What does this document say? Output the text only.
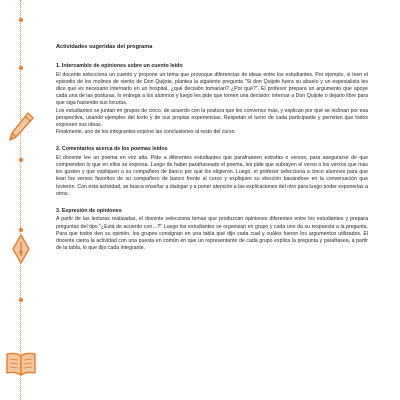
Actividades sugeridas del programa
1. Intercambio de opiniones sobre un cuento leído

El docente selecciona un cuento y propone un tema que provoque diferencias de ideas entre los estudiantes. Por ejemplo, si leen el episodio de los molinos de viento de Don Quijote, plantea la siguiente pregunta "Si don Quijote fuera su abuelo y un especialista les dice que es necesario internarlo en un hospital, ¿qué decisión tomarían? ¿Por qué?". El profesor prepara un argumento que apoye cada una de las posturas, lo entrega a los alumnos y luego les pide que tomen una decisión: internar a Don Quijote o dejarlo libre para que siga haciendo sus locuras.

Los estudiantes se juntan en grupos de cinco, de acuerdo con la postura que les convence más, y explican por qué se inclinan por esa perspectiva, usando ejemplos del texto y de sus propias experiencias. Respetan el turno de cada participante y permiten que todos expresen sus ideas.

Finalmente, uno de los integrantes expone las conclusiones al resto del curso.

2. Comentarios acerca de los poemas leídos

El docente lee un poema en voz alta. Pide a diferentes estudiantes que parafraseen estrofas o versos, para asegurarse de que comprenden lo que en ellos se expresa. Luego de haber parafraseado el poema, les pide que subrayen el verso o los versos que más les gusten y que expliquen a su compañero de banco por qué los eligieron. Luego, el profesor selecciona a cinco alumnos para que lean los versos favoritos de su compañero de banco frente al curso y expliquen su elección basándose en la conversación que tuvieron. Con esta actividad, se busca enseñar a dialogar y a poner atención a las explicaciones del otro para luego poder exponerlas a otros.

3. Expresión de opiniones

A partir de las lecturas realizadas, el docente selecciona temas que produzcan opiniones diferentes entre los estudiantes y prepara preguntas del tipo "¿Está de acuerdo con…?" Luego los estudiantes se organizan en grupo y cada uno da su respuesta a la pregunta. Para que todos den su opinión, los grupos consignan en una tabla qué dijo cada cual y cuáles fueron los argumentos utilizados. El docente cierra la actividad con una puesta en común en que un representante de cada grupo explica la pregunta y parafrasea, a partir de la tabla, lo que dijo cada integrante.
